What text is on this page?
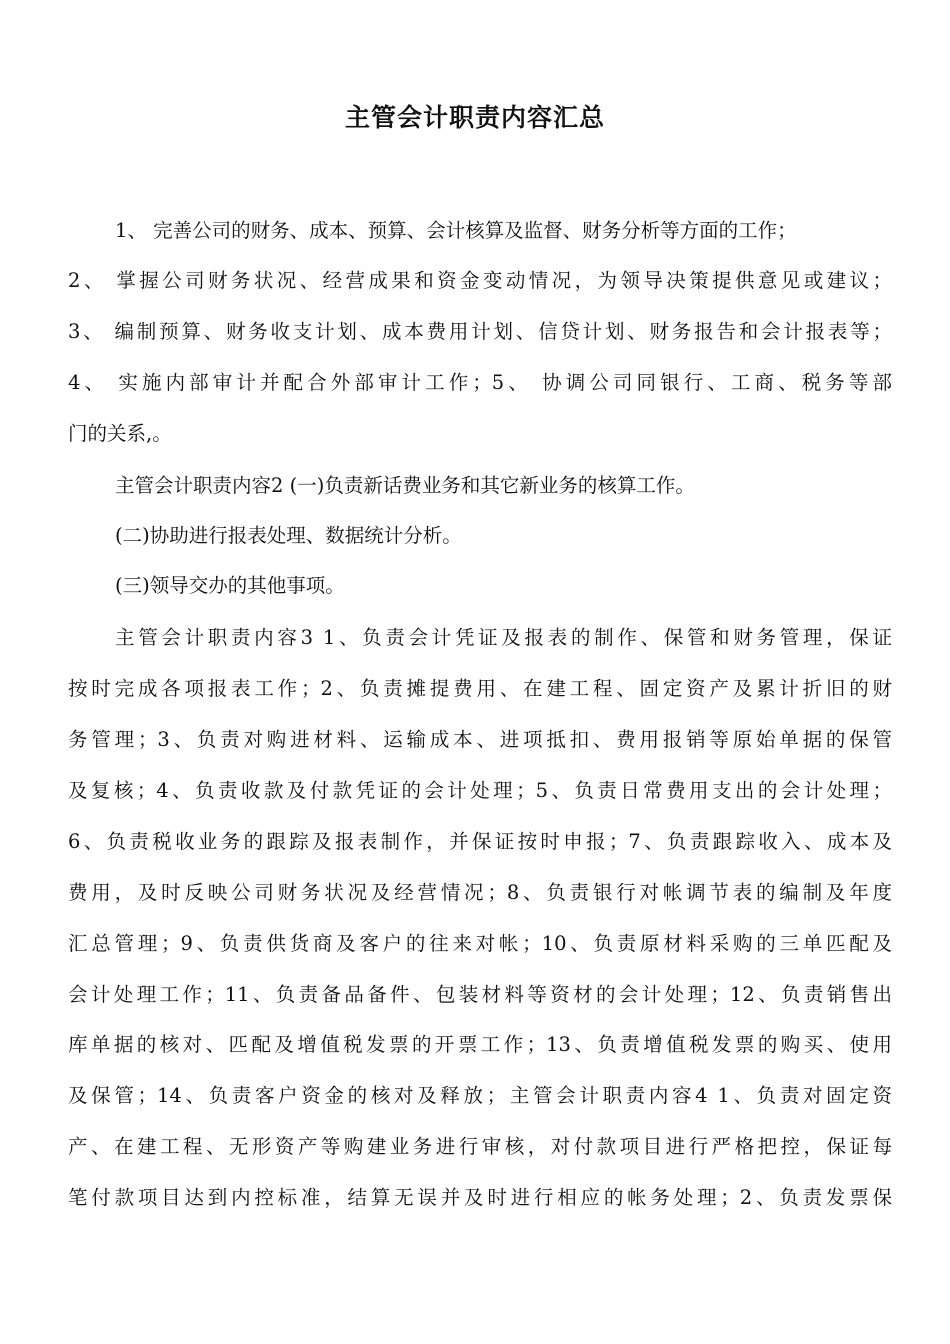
主管会计职责内容汇总

1、 完善公司的财务、成本、预算、会计核算及监督、财务分析等方面的工作；

2、 掌握公司财务状况、经营成果和资金变动情况，为领导决策提供意见或建议；

3、 编制预算、财务收支计划、成本费用计划、信贷计划、财务报告和会计报表等；

4、 实施内部审计并配合外部审计工作；5、 协调公司同银行、工商、税务等部

门的关系,。

主管会计职责内容2 (一)负责新话费业务和其它新业务的核算工作。

(二)协助进行报表处理、数据统计分析。

(三)领导交办的其他事项。

主管会计职责内容3 1、负责会计凭证及报表的制作、保管和财务管理，保证

按时完成各项报表工作；2、负责摊提费用、在建工程、固定资产及累计折旧的财

务管理；3、负责对购进材料、运输成本、进项抵扣、费用报销等原始单据的保管

及复核；4、负责收款及付款凭证的会计处理；5、负责日常费用支出的会计处理；

6、负责税收业务的跟踪及报表制作，并保证按时申报；7、负责跟踪收入、成本及

费用，及时反映公司财务状况及经营情况；8、负责银行对帐调节表的编制及年度

汇总管理；9、负责供货商及客户的往来对帐；10、负责原材料采购的三单匹配及

会计处理工作；11、负责备品备件、包装材料等资材的会计处理；12、负责销售出

库单据的核对、匹配及增值税发票的开票工作；13、负责增值税发票的购买、使用

及保管；14、负责客户资金的核对及释放；主管会计职责内容4 1、负责对固定资

产、在建工程、无形资产等购建业务进行审核，对付款项目进行严格把控，保证每

笔付款项目达到内控标准，结算无误并及时进行相应的帐务处理；2、负责发票保
